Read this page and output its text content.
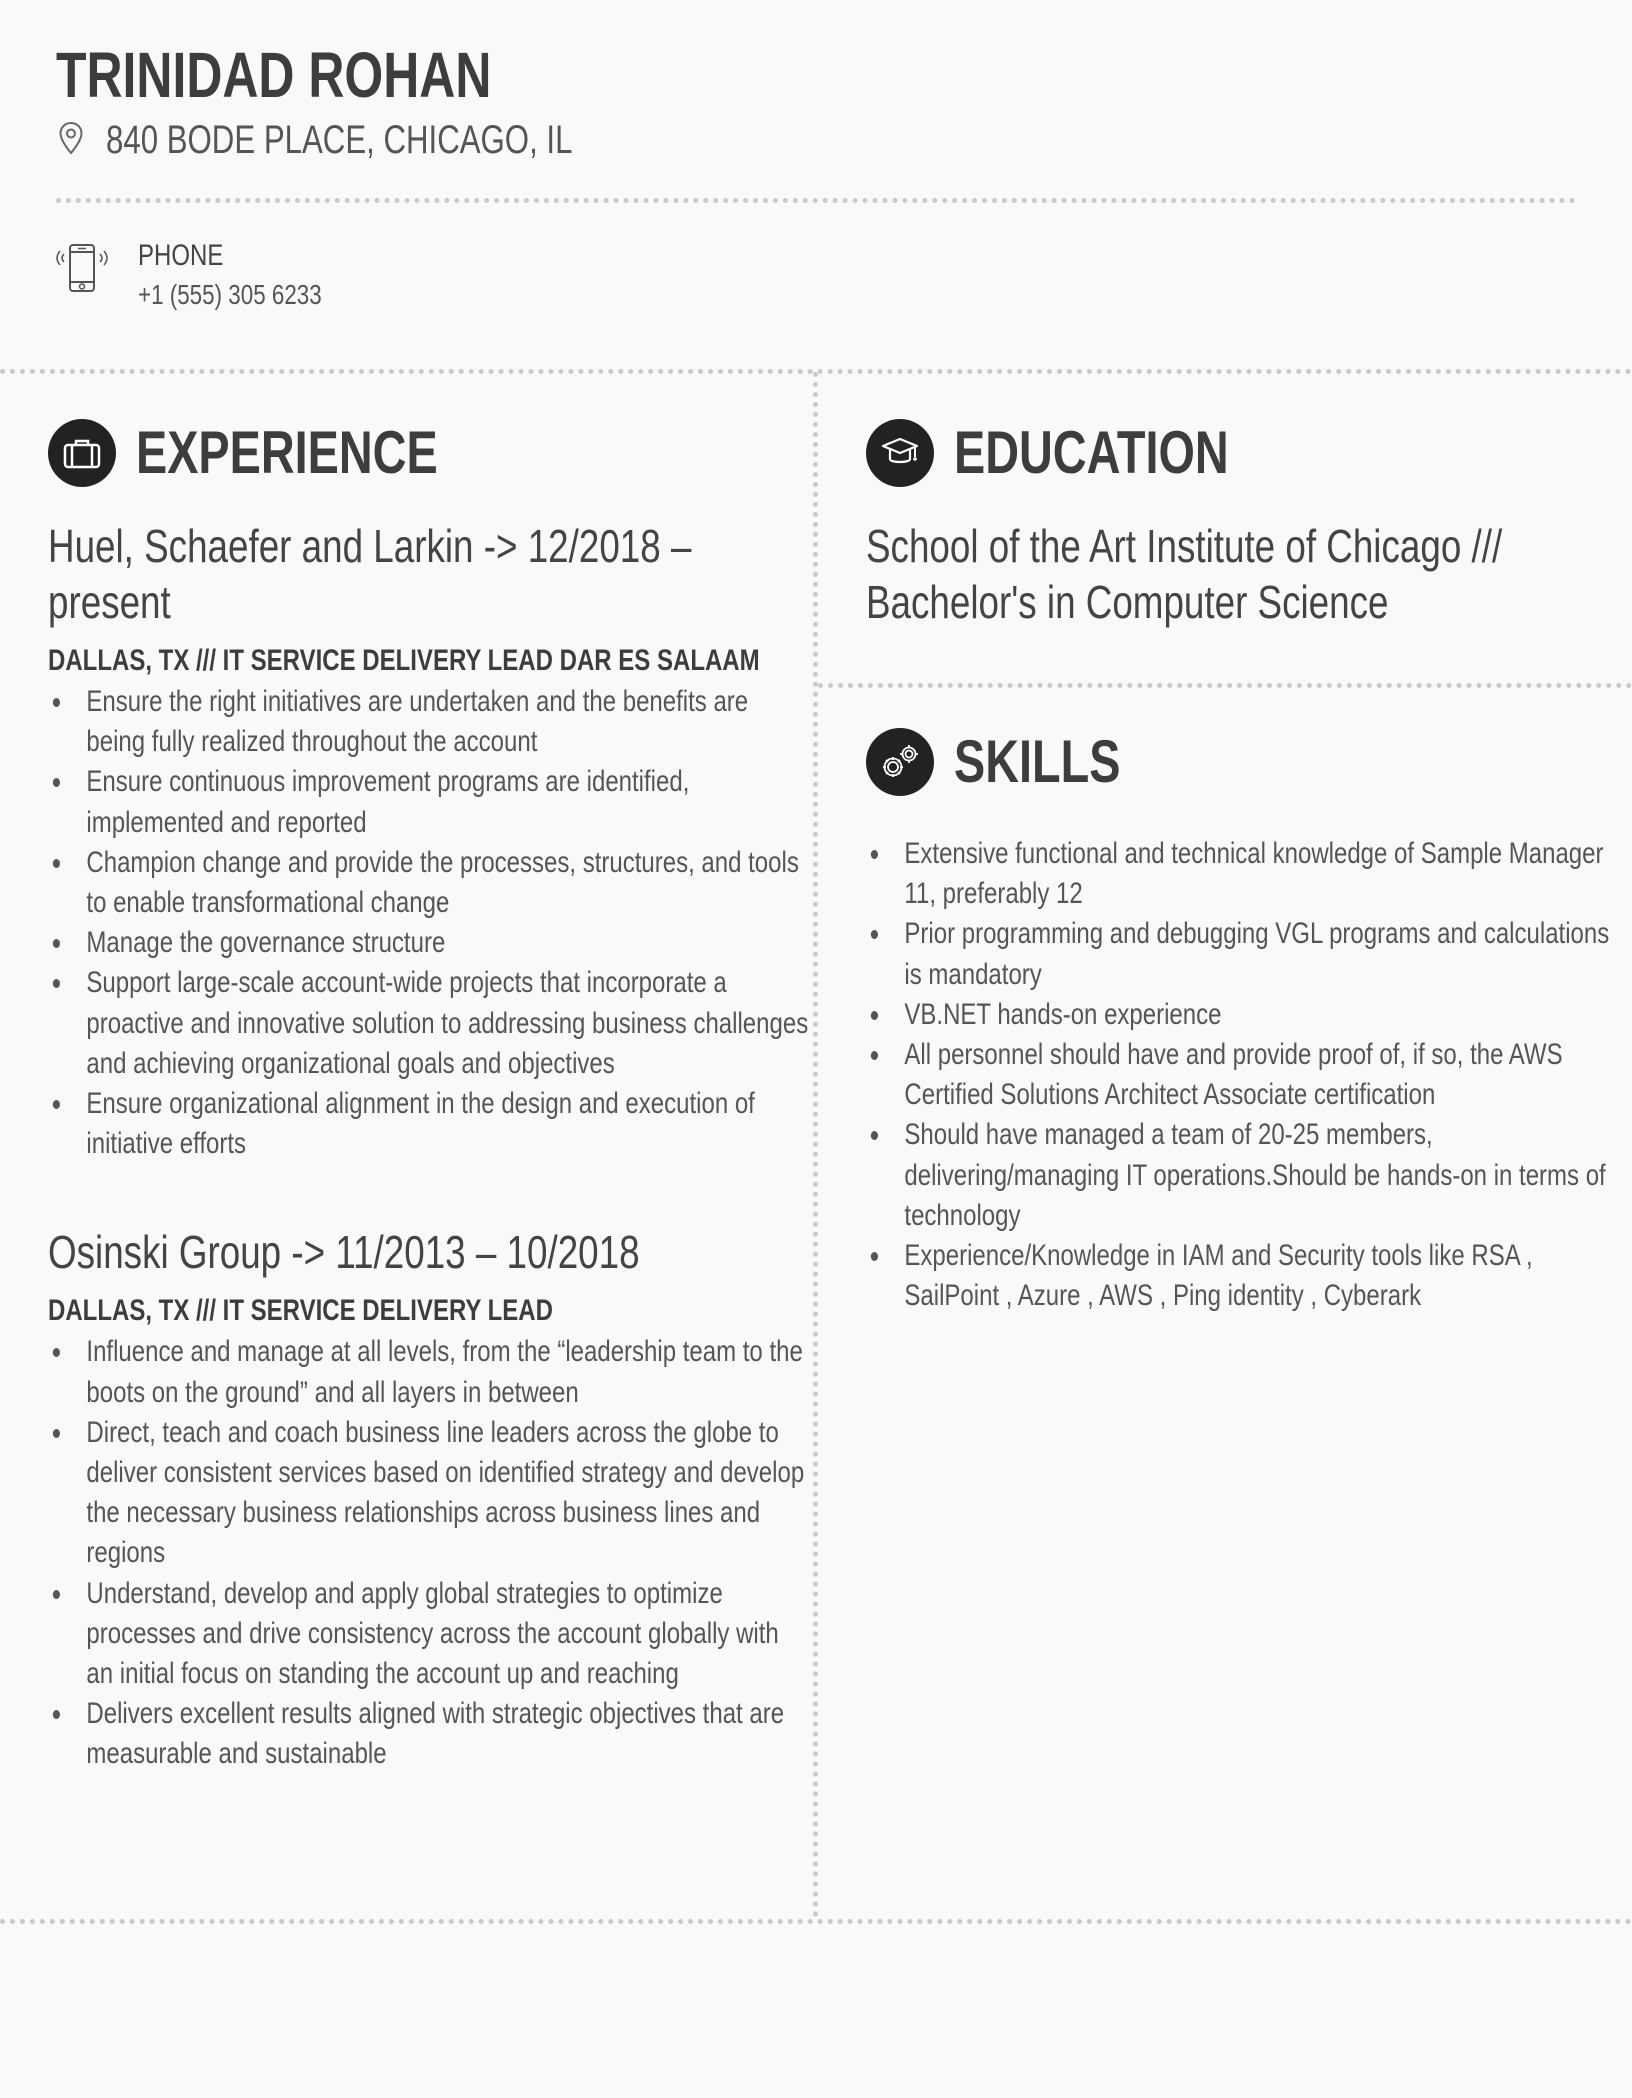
TRINIDAD ROHAN
840 BODE PLACE, CHICAGO, IL
PHONE
+1 (555) 305 6233
EXPERIENCE

Huel, Schaefer and Larkin -> 12/2018 – present

DALLAS, TX /// IT SERVICE DELIVERY LEAD DAR ES SALAAM
• Ensure the right initiatives are undertaken and the benefits are being fully realized throughout the account
• Ensure continuous improvement programs are identified, implemented and reported
• Champion change and provide the processes, structures, and tools to enable transformational change
• Manage the governance structure
• Support large-scale account-wide projects that incorporate a proactive and innovative solution to addressing business challenges and achieving organizational goals and objectives
• Ensure organizational alignment in the design and execution of initiative efforts

Osinski Group -> 11/2013 – 10/2018

DALLAS, TX /// IT SERVICE DELIVERY LEAD
• Influence and manage at all levels, from the “leadership team to the boots on the ground” and all layers in between
• Direct, teach and coach business line leaders across the globe to deliver consistent services based on identified strategy and develop the necessary business relationships across business lines and regions
• Understand, develop and apply global strategies to optimize processes and drive consistency across the account globally with an initial focus on standing the account up and reaching
• Delivers excellent results aligned with strategic objectives that are measurable and sustainable
EDUCATION

School of the Art Institute of Chicago /// Bachelor's in Computer Science

SKILLS
• Extensive functional and technical knowledge of Sample Manager 11, preferably 12
• Prior programming and debugging VGL programs and calculations is mandatory
• VB.NET hands-on experience
• All personnel should have and provide proof of, if so, the AWS Certified Solutions Architect Associate certification
• Should have managed a team of 20-25 members, delivering/managing IT operations.Should be hands-on in terms of technology
• Experience/Knowledge in IAM and Security tools like RSA , SailPoint , Azure , AWS , Ping identity , Cyberark
